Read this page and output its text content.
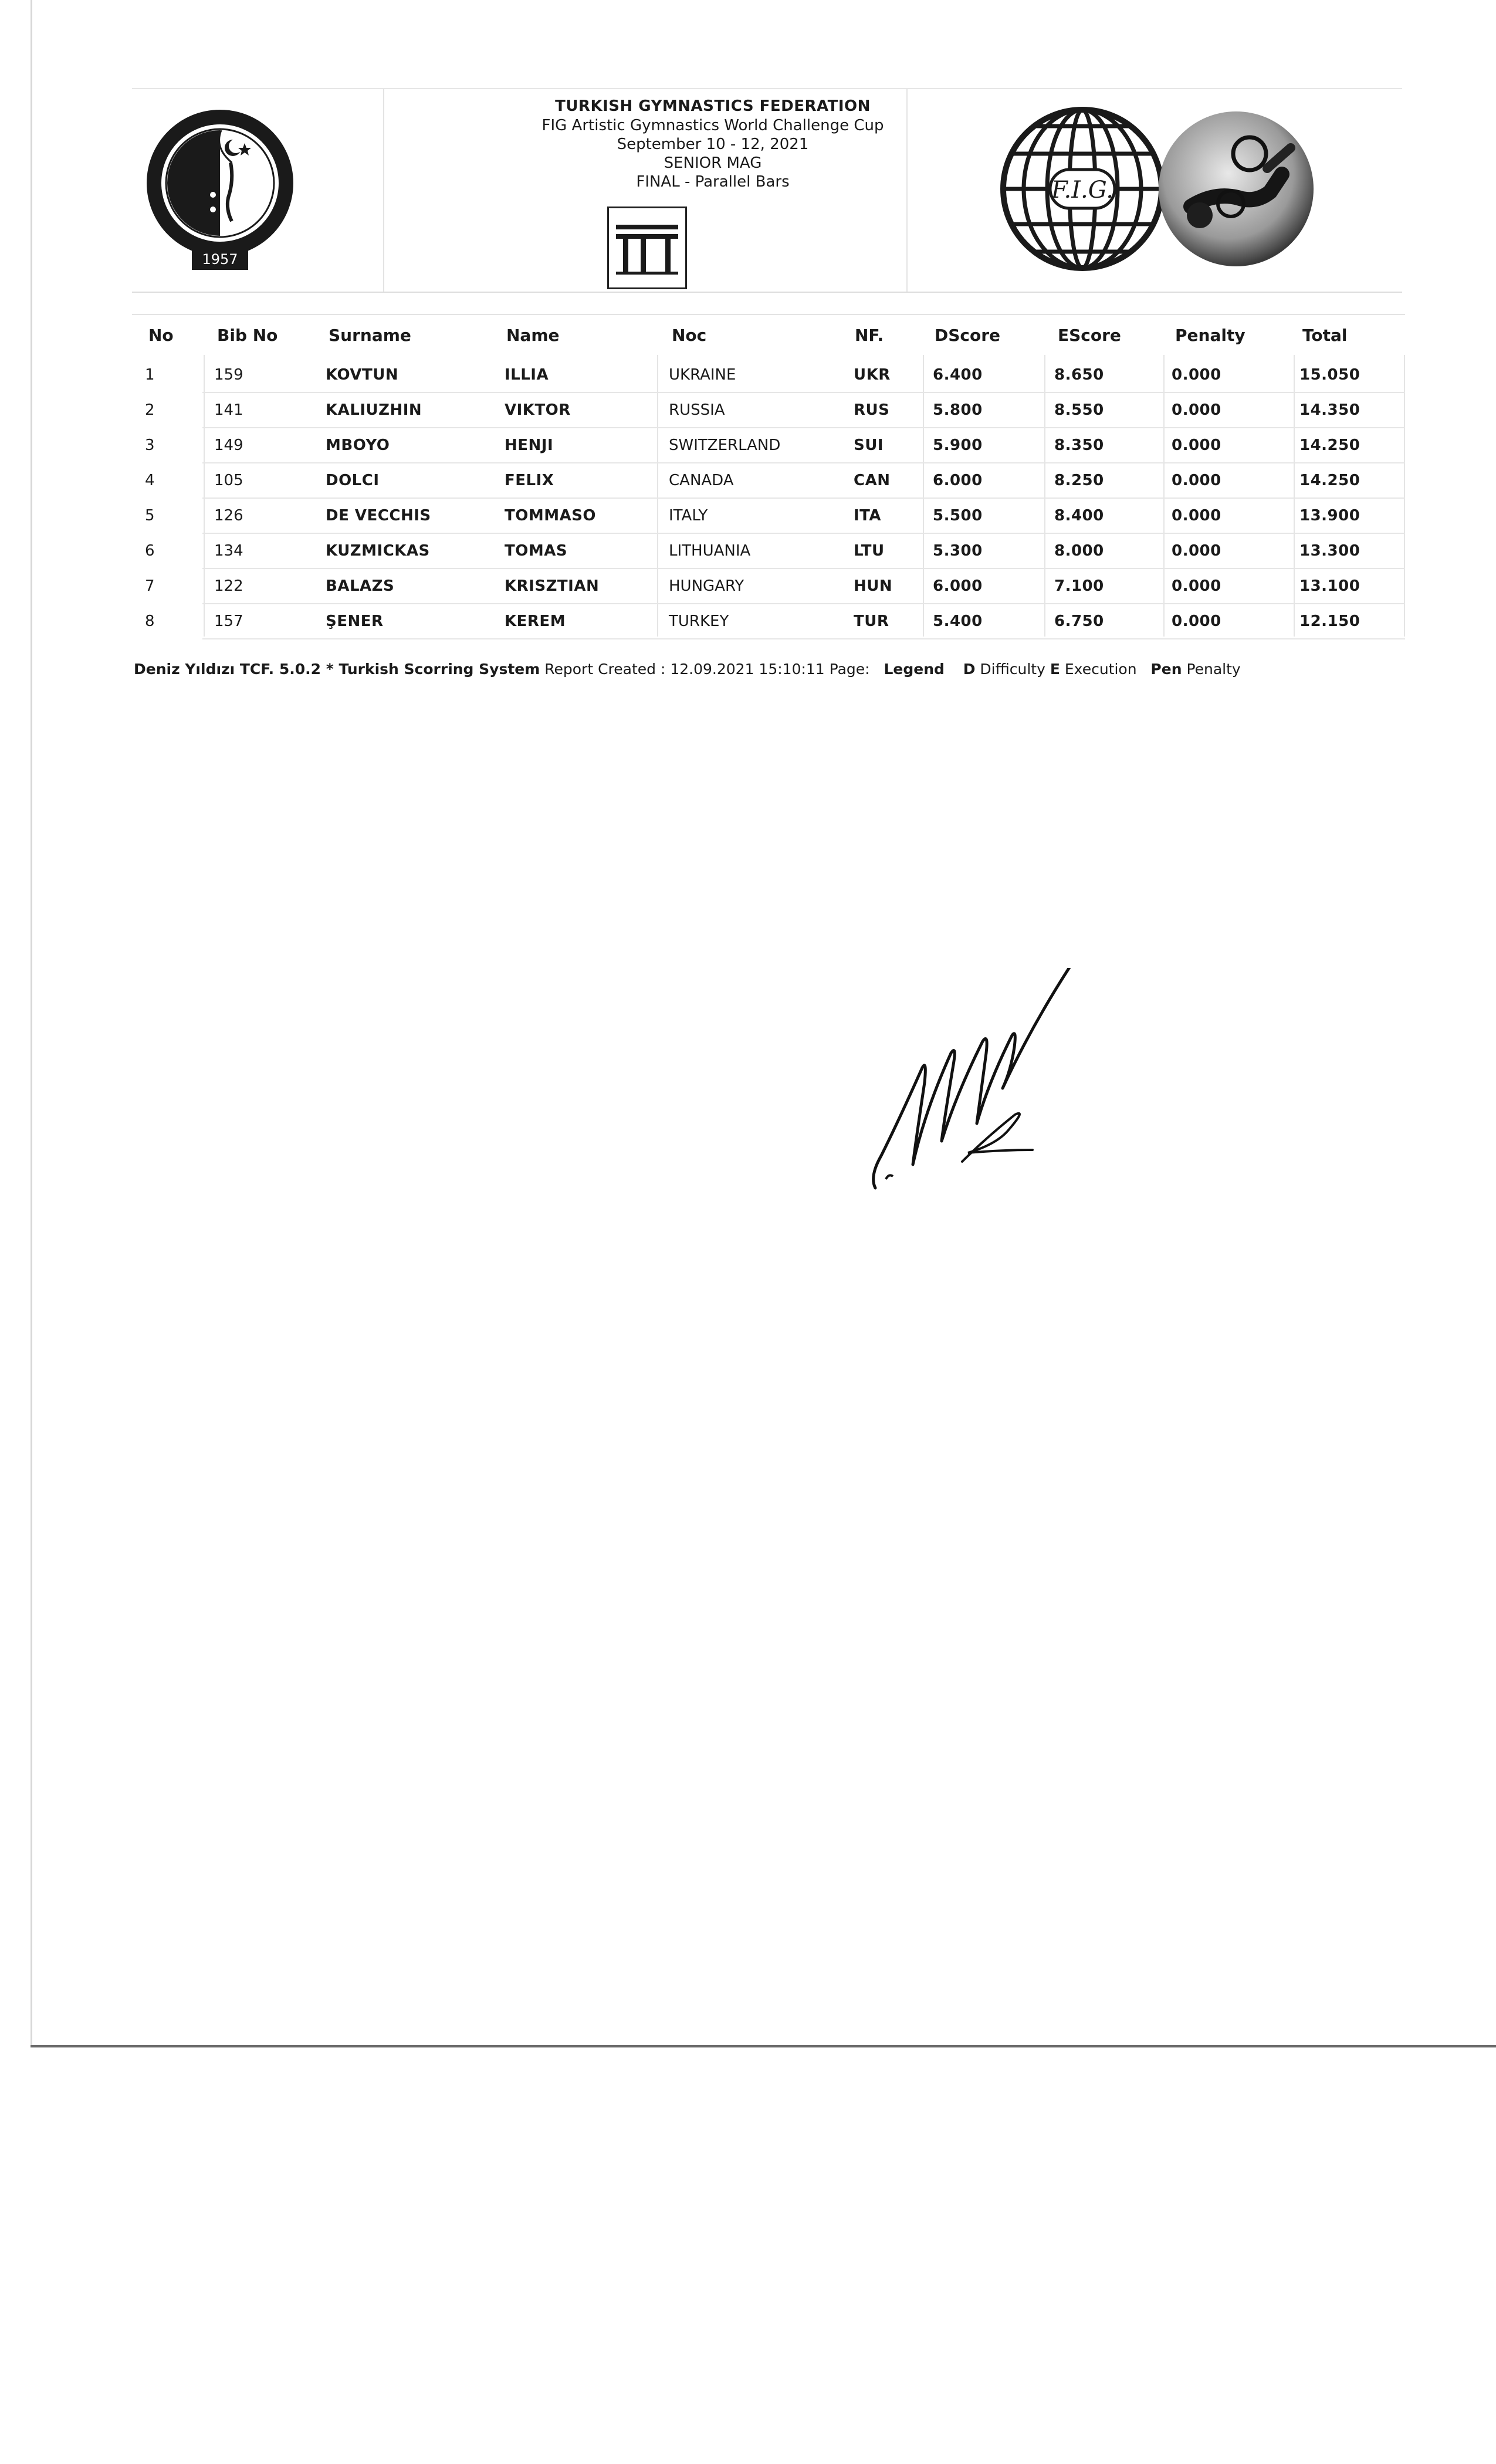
1957
TURKISH GYMNASTICS FEDERATION
FIG Artistic Gymnastics World Challenge Cup
September 10 - 12, 2021
SENIOR MAG
FINAL - Parallel Bars	F.I.G.
No	Bib No	Surname	Name	Noc	NF.	DScore	EScore	Penalty	Total
1	159	KOVTUN	ILLIA	UKRAINE	UKR	6.400	8.650	0.000	15.050
2	141	KALIUZHIN	VIKTOR	RUSSIA	RUS	5.800	8.550	0.000	14.350
3	149	MBOYO	HENJI	SWITZERLAND	SUI	5.900	8.350	0.000	14.250
4	105	DOLCI	FELIX	CANADA	CAN	6.000	8.250	0.000	14.250
5	126	DE VECCHIS	TOMMASO	ITALY	ITA	5.500	8.400	0.000	13.900
6	134	KUZMICKAS	TOMAS	LITHUANIA	LTU	5.300	8.000	0.000	13.300
7	122	BALAZS	KRISZTIAN	HUNGARY	HUN	6.000	7.100	0.000	13.100
8	157	ŞENER	KEREM	TURKEY	TUR	5.400	6.750	0.000	12.150
Deniz Yıldızı TCF. 5.0.2 * Turkish Scorring System Report Created : 12.09.2021 15:10:11 Page: Legend D Difficulty E Execution Pen Penalty
